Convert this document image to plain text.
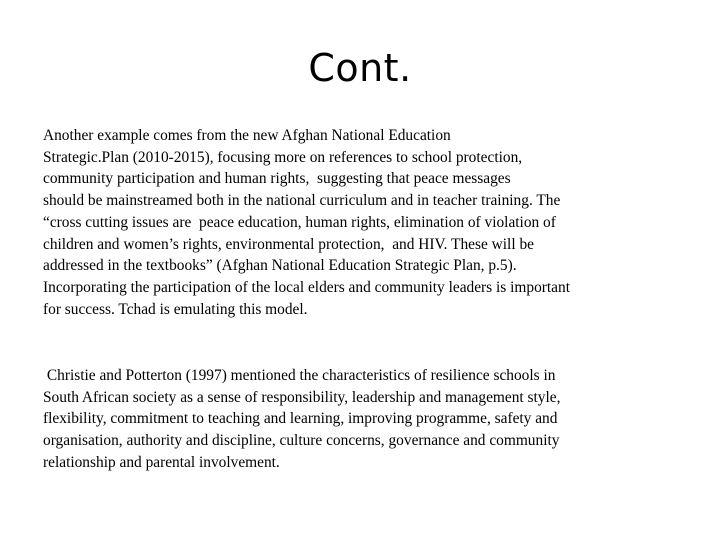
Cont.

Another example comes from the new Afghan National Education
Strategic.Plan (2010-2015), focusing more on references to school protection,
community participation and human rights,  suggesting that peace messages
should be mainstreamed both in the national curriculum and in teacher training. The
“cross cutting issues are  peace education, human rights, elimination of violation of
children and women’s rights, environmental protection,  and HIV. These will be
addressed in the textbooks” (Afghan National Education Strategic Plan, p.5).
Incorporating the participation of the local elders and community leaders is important
for success. Tchad is emulating this model.

Christie and Potterton (1997) mentioned the characteristics of resilience schools in
South African society as a sense of responsibility, leadership and management style,
flexibility, commitment to teaching and learning, improving programme, safety and
organisation, authority and discipline, culture concerns, governance and community
relationship and parental involvement.
